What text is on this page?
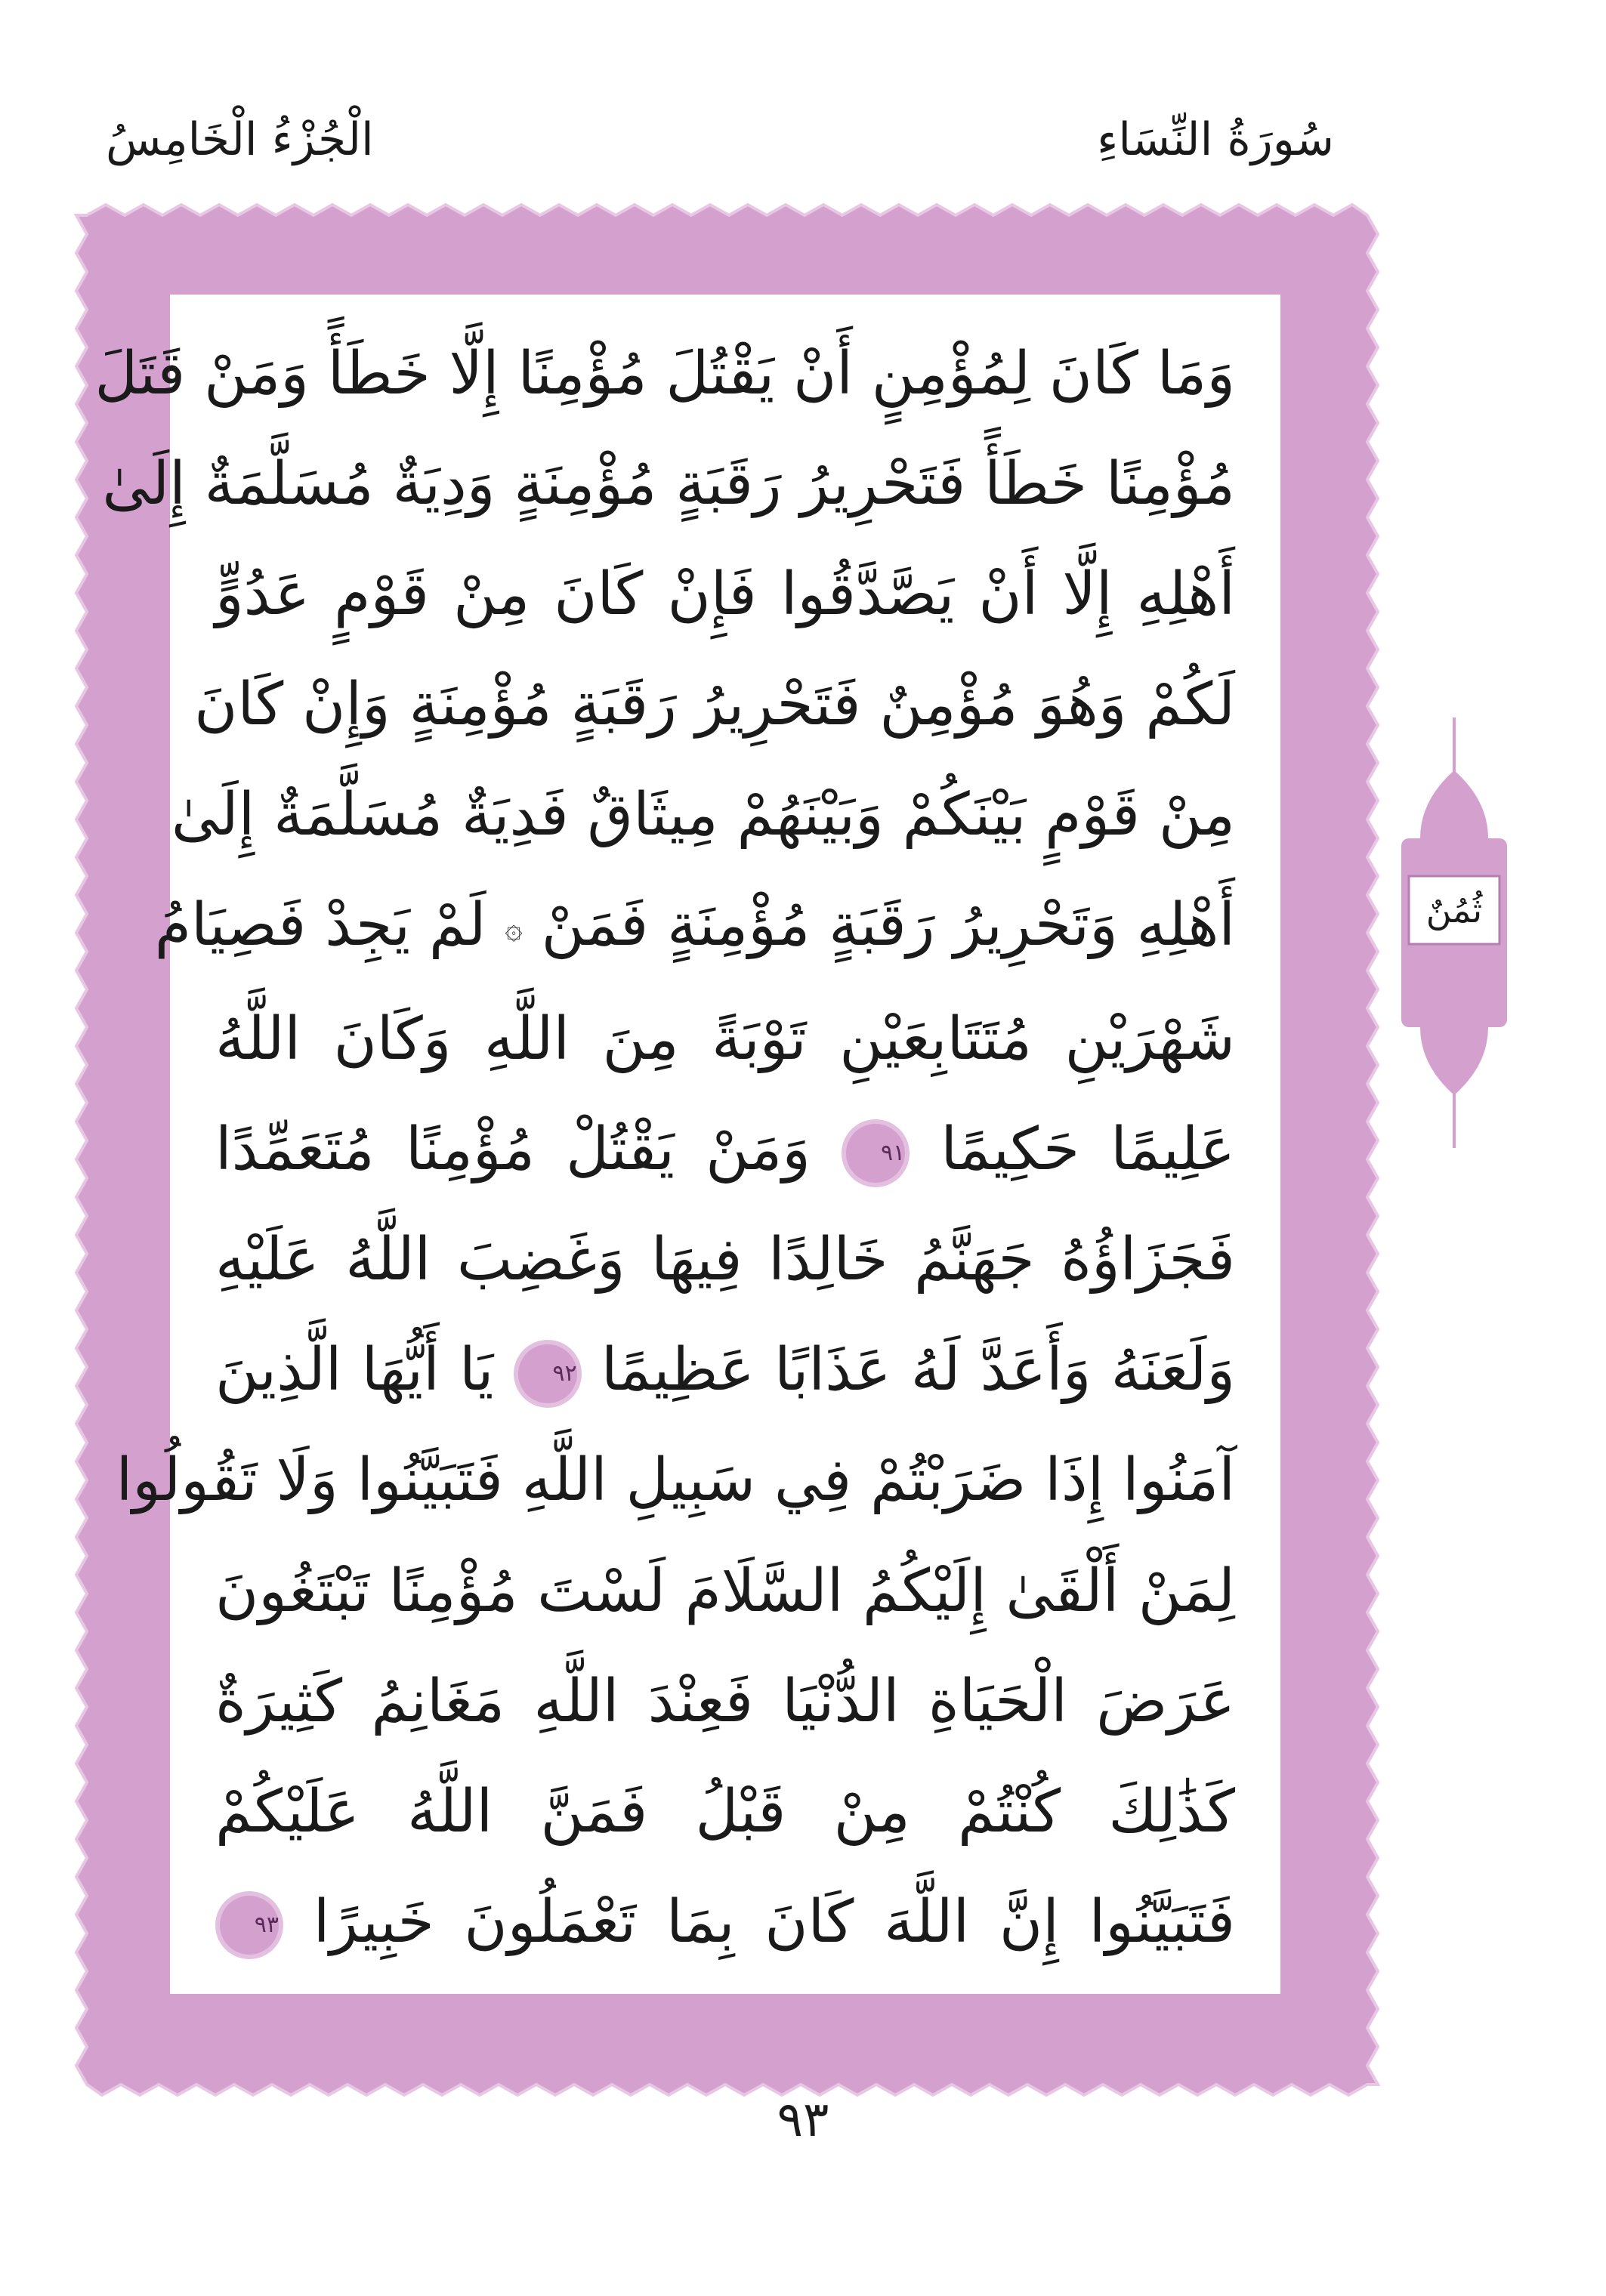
سُورَةُ النِّسَاءِ
الْجُزْءُ الْخَامِسُ
ثُمُنٌ
وَمَا كَانَ لِمُؤْمِنٍ أَنْ يَقْتُلَ مُؤْمِنًا إِلَّا خَطَأً وَمَنْ قَتَلَ
مُؤْمِنًا خَطَأً فَتَحْرِيرُ رَقَبَةٍ مُؤْمِنَةٍ وَدِيَةٌ مُسَلَّمَةٌ إِلَىٰ
أَهْلِهِ إِلَّا أَنْ يَصَّدَّقُوا فَإِنْ كَانَ مِنْ قَوْمٍ عَدُوٍّ
لَكُمْ وَهُوَ مُؤْمِنٌ فَتَحْرِيرُ رَقَبَةٍ مُؤْمِنَةٍ وَإِنْ كَانَ
مِنْ قَوْمٍ بَيْنَكُمْ وَبَيْنَهُمْ مِيثَاقٌ فَدِيَةٌ مُسَلَّمَةٌ إِلَىٰ
أَهْلِهِ وَتَحْرِيرُ رَقَبَةٍ مُؤْمِنَةٍ فَمَنْ ۞ لَمْ يَجِدْ فَصِيَامُ
شَهْرَيْنِ مُتَتَابِعَيْنِ تَوْبَةً مِنَ اللَّهِ وَكَانَ اللَّهُ
عَلِيمًا حَكِيمًا ٩١ وَمَنْ يَقْتُلْ مُؤْمِنًا مُتَعَمِّدًا
فَجَزَاؤُهُ جَهَنَّمُ خَالِدًا فِيهَا وَغَضِبَ اللَّهُ عَلَيْهِ
وَلَعَنَهُ وَأَعَدَّ لَهُ عَذَابًا عَظِيمًا ٩٢ يَا أَيُّهَا الَّذِينَ
آمَنُوا إِذَا ضَرَبْتُمْ فِي سَبِيلِ اللَّهِ فَتَبَيَّنُوا وَلَا تَقُولُوا
لِمَنْ أَلْقَىٰ إِلَيْكُمُ السَّلَامَ لَسْتَ مُؤْمِنًا تَبْتَغُونَ
عَرَضَ الْحَيَاةِ الدُّنْيَا فَعِنْدَ اللَّهِ مَغَانِمُ كَثِيرَةٌ
كَذَٰلِكَ كُنْتُمْ مِنْ قَبْلُ فَمَنَّ اللَّهُ عَلَيْكُمْ
فَتَبَيَّنُوا إِنَّ اللَّهَ كَانَ بِمَا تَعْمَلُونَ خَبِيرًا ٩٣
٩٣
